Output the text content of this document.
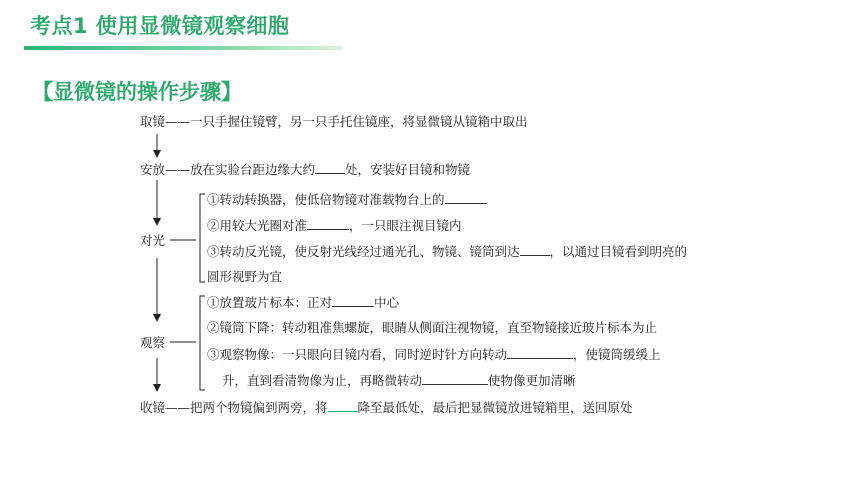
考点1 使用显微镜观察细胞
【显微镜的操作步骤】
取镜——一只手握住镜臂，另一只手托住镜座，将显微镜从镜箱中取出
安放——放在实验台距边缘大约 处，安装好目镜和物镜
对光
①转动转换器，使低倍物镜对准载物台上的
②用较大光圈对准	，一只眼注视目镜内
③转动反光镜，使反射光线经过通光孔、物镜、镜筒到达 ，以通过目镜看到明亮的
圆形视野为宜
观察
①放置玻片标本：正对	中心
②镜筒下降：转动粗准焦螺旋，眼睛从侧面注视物镜，直至物镜接近玻片标本为止
③观察物像：一只眼向目镜内看，同时逆时针方向转动	，使镜筒缓缓上
升，直到看清物像为止，再略微转动	使物像更加清晰
收镜——把两个物镜偏到两旁，将 降至最低处，最后把显微镜放进镜箱里，送回原处
